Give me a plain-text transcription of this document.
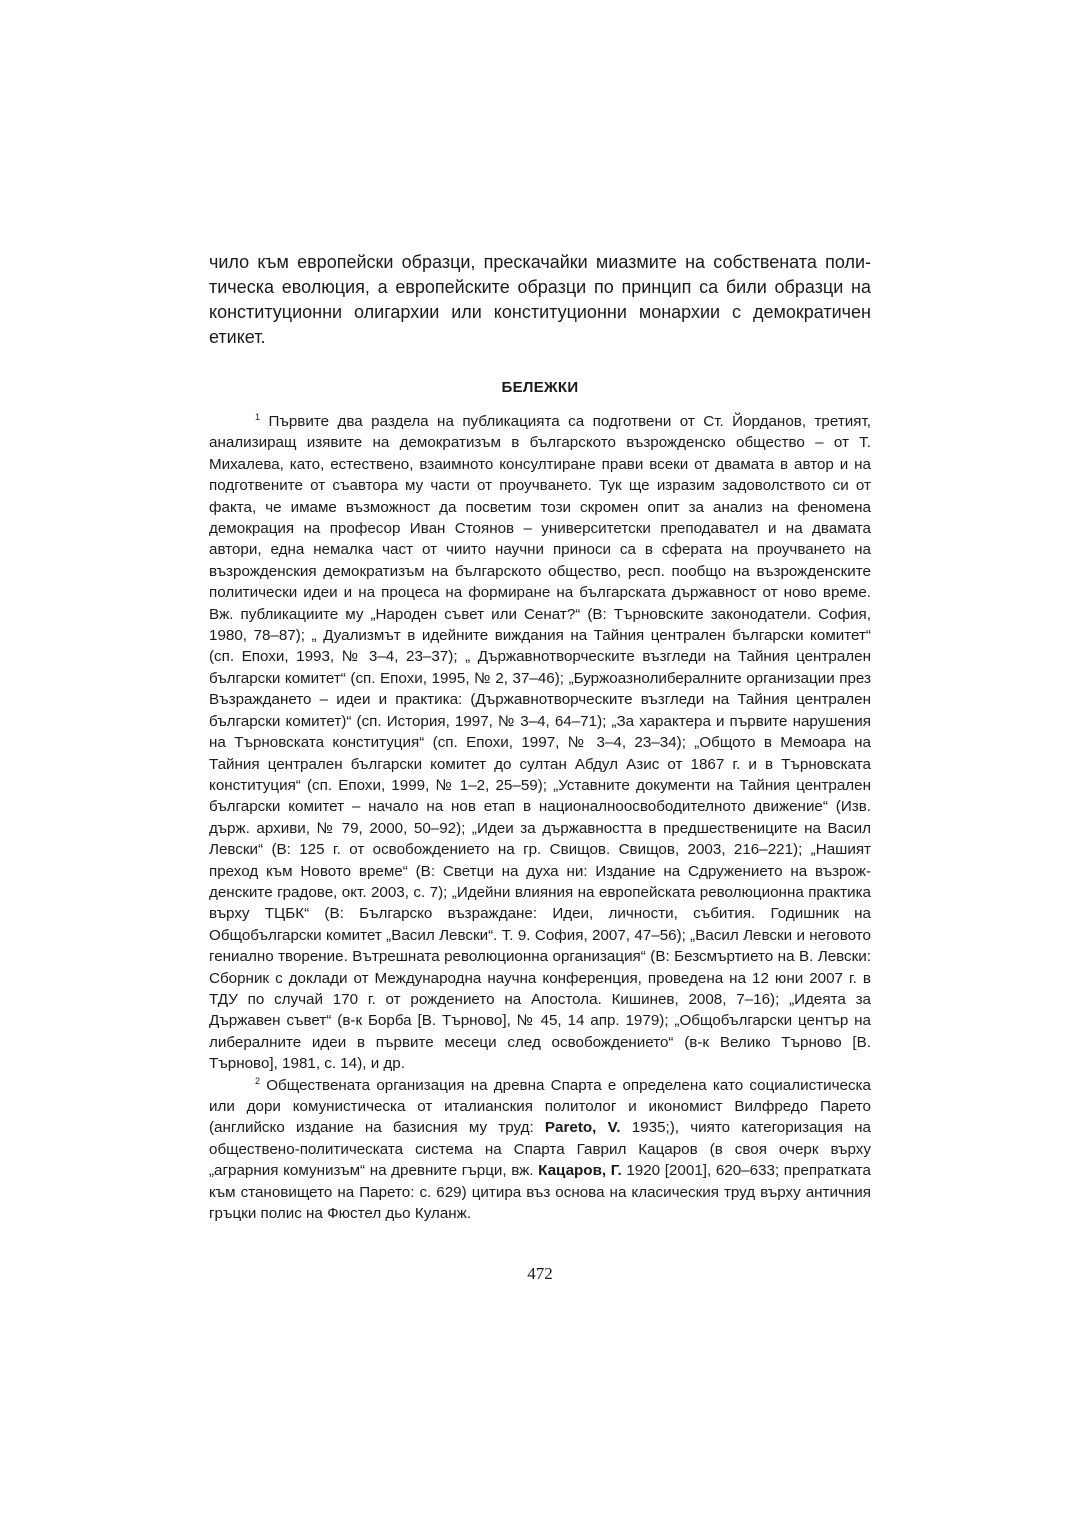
чило към европейски образци, прескачайки миазмите на собствената политическа еволюция, а европейските образци по принцип са били образци на конституционни олигархии или конституционни монархии с демократичен етикет.

БЕЛЕЖКИ

$^1$ Първите два раздела на публикацията са подготвени от Ст. Йорданов, третият, анализиращ изявите на демократизъм в българското възрожденско общество – от Т. Михалева, като, естествено, взаимното консултиране прави всеки от двамата в автор и на подготвените от съавтора му части от проучването. Тук ще изразим задоволството си от факта, че имаме възможност да посветим този скромен опит за анализ на феномена демокрация на професор Иван Стоянов – университетски преподавател и на двамата автори, една немалка част от чиито научни приноси са в сферата на проучването на възрожденския демократизъм на българското общество, респ. пообщо на възрожденските политически идеи и на процеса на формиране на българската държавност от ново време. Вж. публикациите му „Народен съвет или Сенат?“ (В: Търновските законодатели. София, 1980, 78–87); „ Дуализмът в идейните виждания на Тайния централен български комитет“ (сп. Епохи, 1993, № 3–4, 23–37); „ Държавнотворческите възгледи на Тайния централен български комитет“ (сп. Епохи, 1995, № 2, 37–46); „Буржоазнолибералните организации през Възраждането – идеи и практика: (Държавнотворческите възгледи на Тайния централен български комитет)“ (сп. История, 1997, № 3–4, 64–71); „За характера и първите нарушения на Търновската конституция“ (сп. Епохи, 1997, № 3–4, 23–34); „Общото в Мемоара на Тайния централен български комитет до султан Абдул Азис от 1867 г. и в Търновската конституция“ (сп. Епохи, 1999, № 1–2, 25–59); „Уставните документи на Тайния централен български комитет – начало на нов етап в националноосвободителното движение“ (Изв. държ. архиви, № 79, 2000, 50–92); „Идеи за държавността в предшествениците на Васил Левски“ (В: 125 г. от освобождението на гр. Свищов. Свищов, 2003, 216–221); „Нашият преход към Новото време“ (В: Светци на духа ни: Издание на Сдружението на възрожденските градове, окт. 2003, с. 7); „Идейни влияния на европейската революционна практика върху ТЦБК“ (В: Българско възраждане: Идеи, личности, събития. Годишник на Общобългарски комитет „Васил Левски“. Т. 9. София, 2007, 47–56); „Васил Левски и неговото гениално творение. Вътрешната революционна организация“ (В: Безсмъртието на В. Левски: Сборник с доклади от Международна научна конференция, проведена на 12 юни 2007 г. в ТДУ по случай 170 г. от рождението на Апостола. Кишинев, 2008, 7–16); „Идеята за Държавен съвет“ (в-к Борба [В. Търново], № 45, 14 апр. 1979); „Общобългарски център на либералните идеи в първите месеци след освобождението“ (в-к Велико Търново [В. Търново], 1981, с. 14), и др.

$^2$ Обществената организация на древна Спарта е определена като социалистическа или дори комунистическа от италианския политолог и икономист Вилфредо Парето (английско издание на базисния му труд: Pareto, V. 1935;), чиято категоризация на обществено-политическата система на Спарта Гаврил Кацаров (в своя очерк върху „аграрния комунизъм“ на древните гърци, вж. Кацаров, Г. 1920 [2001], 620–633; препратката към становището на Парето: с. 629) цитира въз основа на класическия труд върху античния гръцки полис на Фюстел дьо Куланж.

472
